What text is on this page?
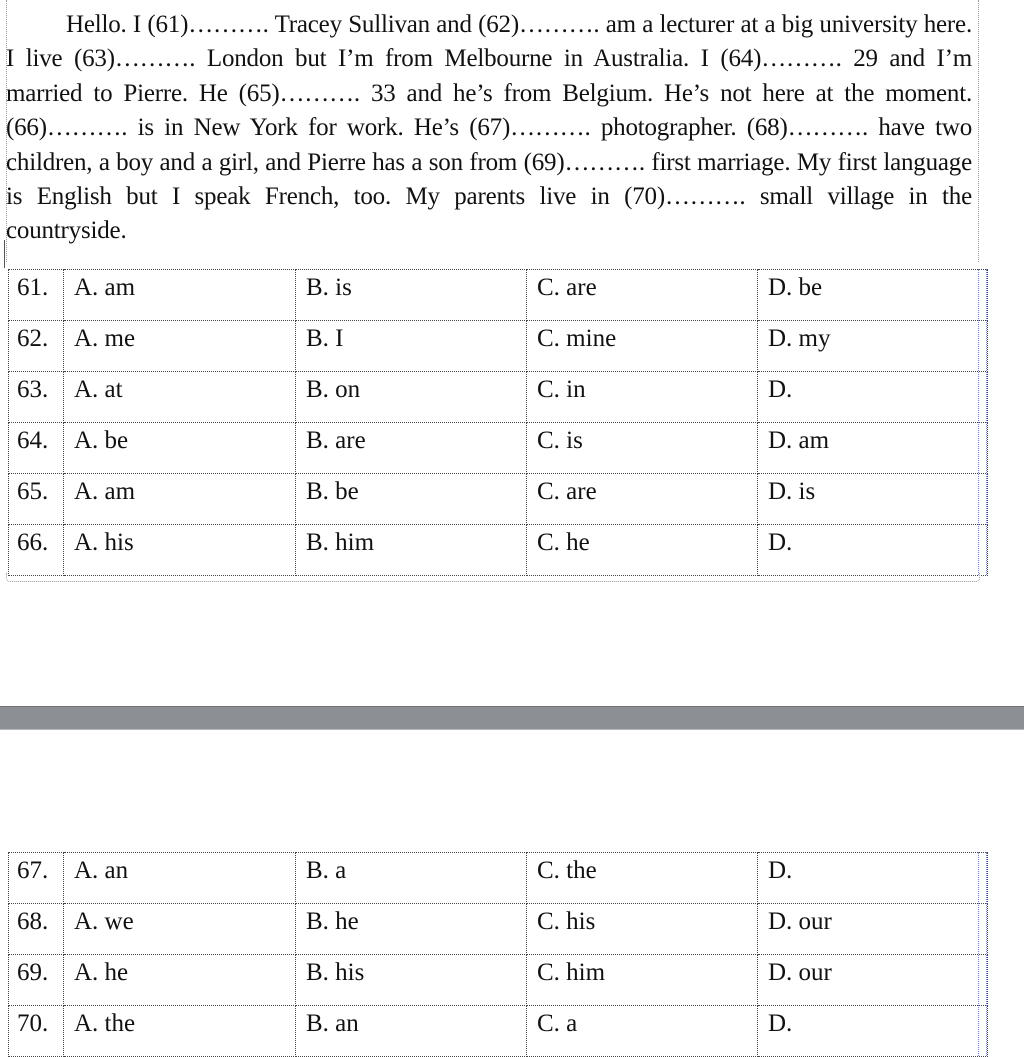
Hello. I (61)………. Tracey Sullivan and (62)………. am a lecturer at a big university here. I live (63)………. London but I’m from Melbourne in Australia. I (64)………. 29 and I’m married to Pierre. He (65)………. 33 and he’s from Belgium. He’s not here at the moment. (66)………. is in New York for work. He’s (67)………. photographer. (68)………. have two children, a boy and a girl, and Pierre has a son from (69)………. first marriage. My first language is English but I speak French, too. My parents live in (70)………. small village in the countryside.

61.	A. am	B. is	C. are	D. be
62.	A. me	B. I	C. mine	D. my
63.	A. at	B. on	C. in	D. ⃠
64.	A. be	B. are	C. is	D. am
65.	A. am	B. be	C. are	D. is
66.	A. his	B. him	C. he	D. ⃠
67.	A. an	B. a	C. the	D. ⃠
68.	A. we	B. he	C. his	D. our
69.	A. he	B. his	C. him	D. our
70.	A. the	B. an	C. a	D. ⃠
